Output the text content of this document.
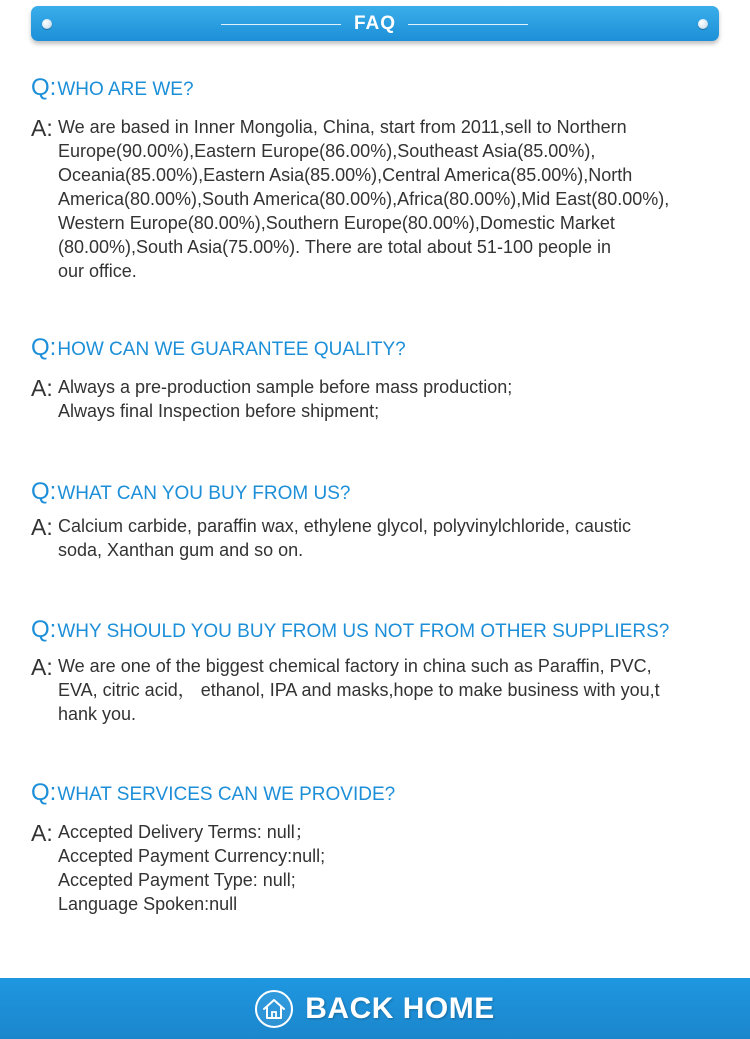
FAQ
Q: WHO ARE WE?
A: We are based in Inner Mongolia, China, start from 2011,sell to Northern
Europe(90.00%),Eastern Europe(86.00%),Southeast Asia(85.00%),
Oceania(85.00%),Eastern Asia(85.00%),Central America(85.00%),North
America(80.00%),South America(80.00%),Africa(80.00%),Mid East(80.00%),
Western Europe(80.00%),Southern Europe(80.00%),Domestic Market
(80.00%),South Asia(75.00%). There are total about 51-100 people in
our office.
Q: HOW CAN WE GUARANTEE QUALITY?
A: Always a pre-production sample before mass production;
Always final Inspection before shipment;
Q: WHAT CAN YOU BUY FROM US?
A: Calcium carbide, paraffin wax, ethylene glycol, polyvinylchloride, caustic
soda, Xanthan gum and so on.
Q: WHY SHOULD YOU BUY FROM US NOT FROM OTHER SUPPLIERS?
A: We are one of the biggest chemical factory in china such as Paraffin, PVC,
EVA, citric acid， ethanol, IPA and masks,hope to make business with you,t
hank you.
Q: WHAT SERVICES CAN WE PROVIDE?
A: Accepted Delivery Terms: null；
Accepted Payment Currency:null;
Accepted Payment Type: null;
Language Spoken:null
BACK HOME
